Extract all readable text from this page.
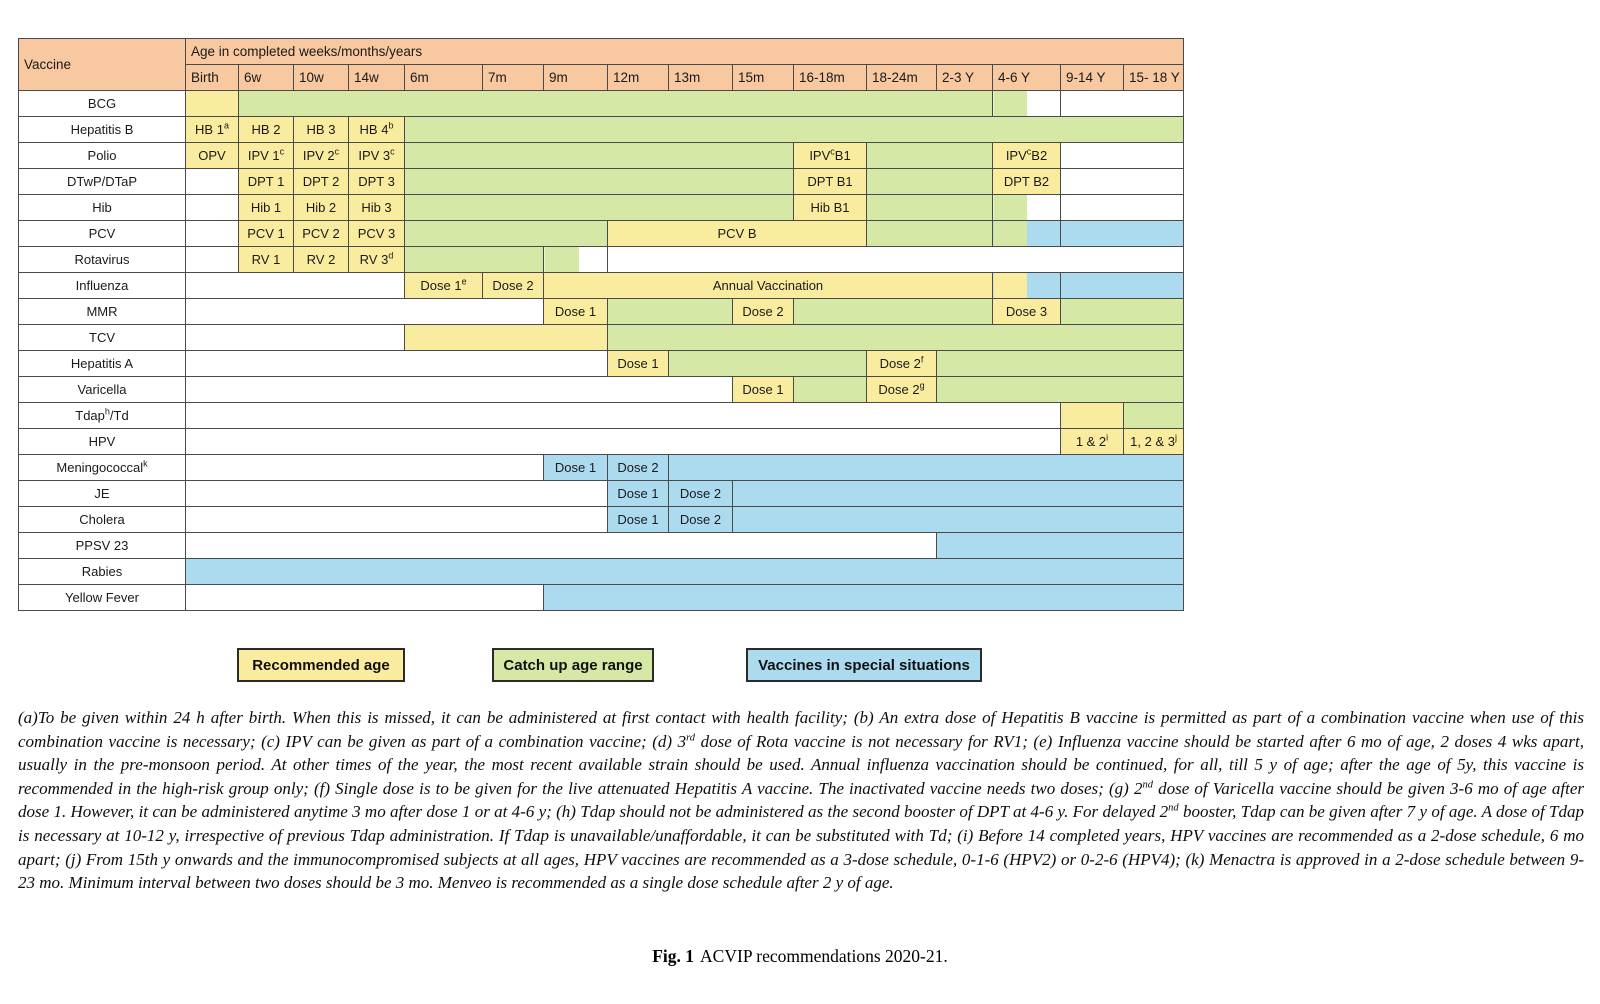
Vaccine	Age in completed weeks/months/years															
	Birth	6w	10w	14w	6m	7m	9m	12m	13m	15m	16-18m	18-24m	2-3 Y	4-6 Y	9-14 Y	15- 18 Y
BCG																
Hepatitis B	HB 1$^a$	HB 2	HB 3	HB 4$^b$	
Polio	OPV	IPV 1$^c$	IPV 2$^c$	IPV 3$^c$							IPV$^c$B1			IPV$^c$B2		
DTwP/DTaP		DPT 1	DPT 2	DPT 3							DPT B1			DPT B2		
Hib		Hib 1	Hib 2	Hib 3							Hib B1					
PCV		PCV 1	PCV 2	PCV 3				PCV B								
Rotavirus		RV 1	RV 2	RV 3$^d$			
Influenza					Dose 1e	Dose 2	Annual Vaccination									
MMR							Dose 1			Dose 2				Dose 3		
TCV																
Hepatitis A								Dose 1				Dose 2$^f$	
Varicella										Dose 1		Dose 2$^g$	
Tdap$^h$/Td																
HPV															1 & 2$^i$	1, 2 & 3$^j$
Meningococcal$^k$							Dose 1	Dose 2								
JE								Dose 1	Dose 2							
Cholera								Dose 1	Dose 2							
PPSV 23																
Rabies																
Yellow Fever																
Recommended age	Catch up age range	Vaccines in special situations
(a)To be given within 24 h after birth. When this is missed, it can be administered at first contact with health facility; (b) An extra dose of Hepatitis B vaccine is permitted as part of a combination vaccine when use of this combination vaccine is necessary; (c) IPV can be given as part of a combination vaccine; (d) 3rd dose of Rota vaccine is not necessary for RV1; (e) Influenza vaccine should be started after 6 mo of age, 2 doses 4 wks apart, usually in the pre-monsoon period. At other times of the year, the most recent available strain should be used. Annual influenza vaccination should be continued, for all, till 5 y of age; after the age of 5y, this vaccine is recommended in the high-risk group only; (f) Single dose is to be given for the live attenuated Hepatitis A vaccine. The inactivated vaccine needs two doses; (g) 2nd dose of Varicella vaccine should be given 3-6 mo of age after dose 1. However, it can be administered anytime 3 mo after dose 1 or at 4-6 y; (h) Tdap should not be administered as the second booster of DPT at 4-6 y. For delayed 2nd booster, Tdap can be given after 7 y of age. A dose of Tdap is necessary at 10-12 y, irrespective of previous Tdap administration. If Tdap is unavailable/unaffordable, it can be substituted with Td; (i) Before 14 completed years, HPV vaccines are recommended as a 2-dose schedule, 6 mo apart; (j) From 15th y onwards and the immunocompromised subjects at all ages, HPV vaccines are recommended as a 3-dose schedule, 0-1-6 (HPV2) or 0-2-6 (HPV4); (k) Menactra is approved in a 2-dose schedule between 9-23 mo. Minimum interval between two doses should be 3 mo. Menveo is recommended as a single dose schedule after 2 y of age.
Fig. 1 ACVIP recommendations 2020-21.
